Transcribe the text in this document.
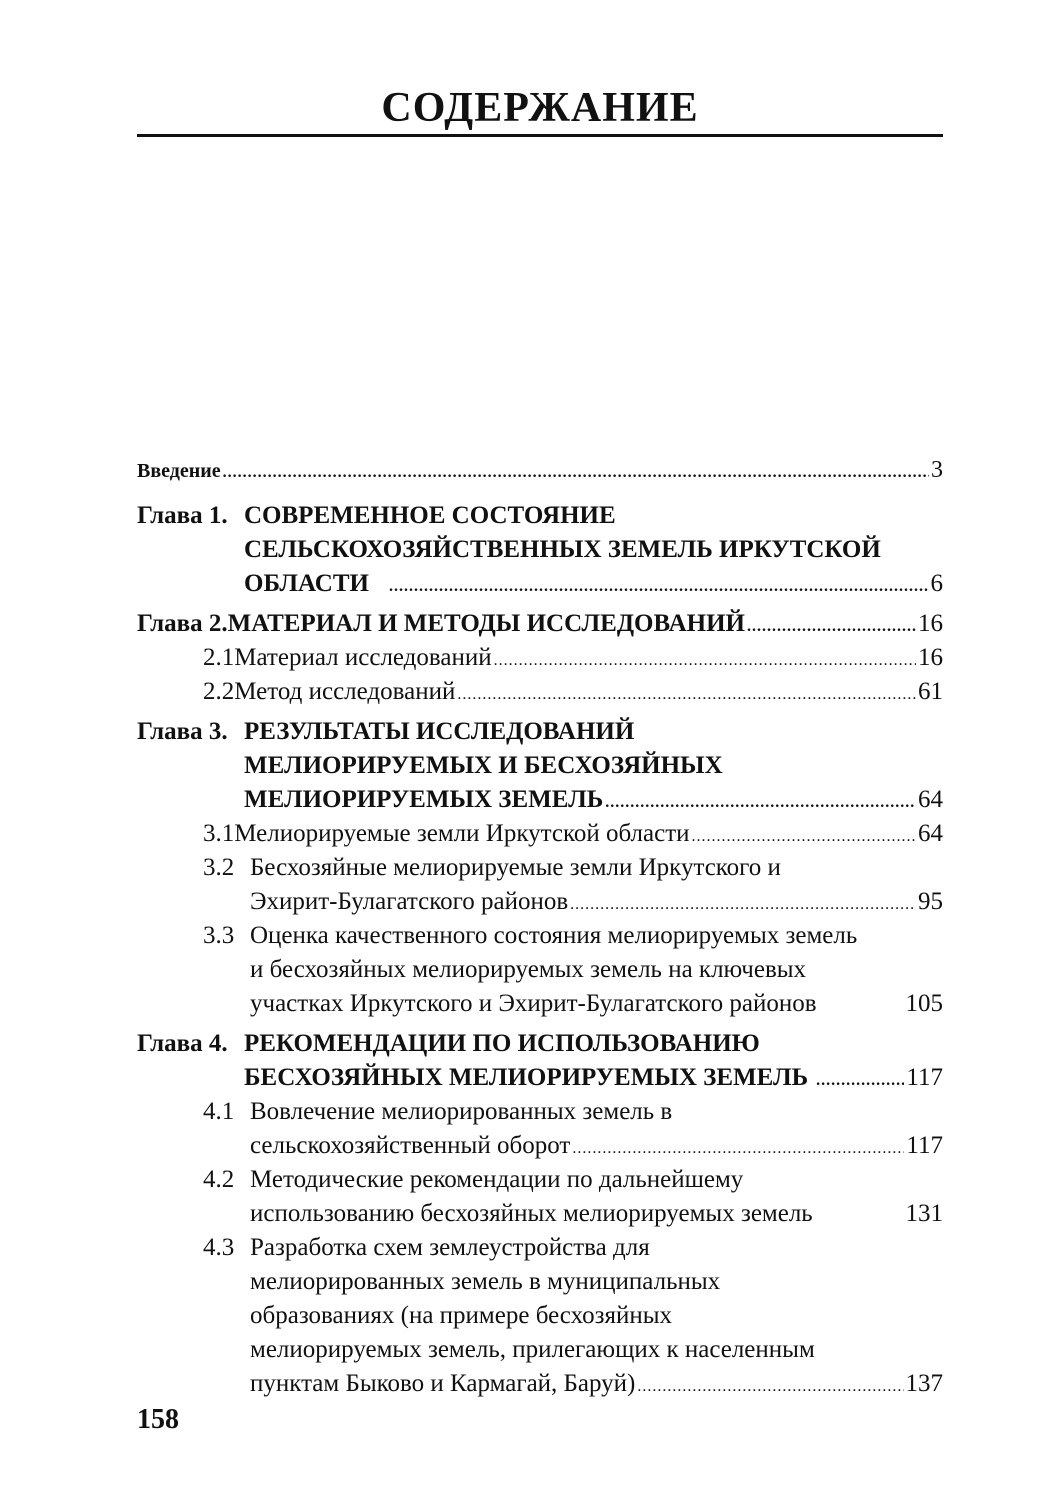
СОДЕРЖАНИЕ
Введение .....	3
Глава 1. СОВРЕМЕННОЕ СОСТОЯНИЕ
СЕЛЬСКОХОЗЯЙСТВЕННЫХ ЗЕМЕЛЬ ИРКУТСКОЙ
ОБЛАСТИ .....	6
Глава 2. МАТЕРИАЛ И МЕТОДЫ ИССЛЕДОВАНИЙ .....	16
2.1 Материал исследований .....	16
2.2 Метод исследований .....	61
Глава 3. РЕЗУЛЬТАТЫ ИССЛЕДОВАНИЙ
МЕЛИОРИРУЕМЫХ И БЕСХОЗЯЙНЫХ
МЕЛИОРИРУЕМЫХ ЗЕМЕЛЬ .....	64
3.1 Мелиорируемые земли Иркутской области .....	64
3.2 Бесхозяйные мелиорируемые земли Иркутского и
Эхирит-Булагатского районов .....	95
3.3 Оценка качественного состояния мелиорируемых земель
и бесхозяйных мелиорируемых земель на ключевых
участках Иркутского и Эхирит-Булагатского районов	105
Глава 4. РЕКОМЕНДАЦИИ ПО ИСПОЛЬЗОВАНИЮ
БЕСХОЗЯЙНЫХ МЕЛИОРИРУЕМЫХ ЗЕМЕЛЬ .....	117
4.1 Вовлечение мелиорированных земель в
сельскохозяйственный оборот .....	117
4.2 Методические рекомендации по дальнейшему
использованию бесхозяйных мелиорируемых земель	131
4.3 Разработка схем землеустройства для
мелиорированных земель в муниципальных
образованиях (на примере бесхозяйных
мелиорируемых земель, прилегающих к населенным
пунктам Быково и Кармагай, Баруй) .....	137
158
